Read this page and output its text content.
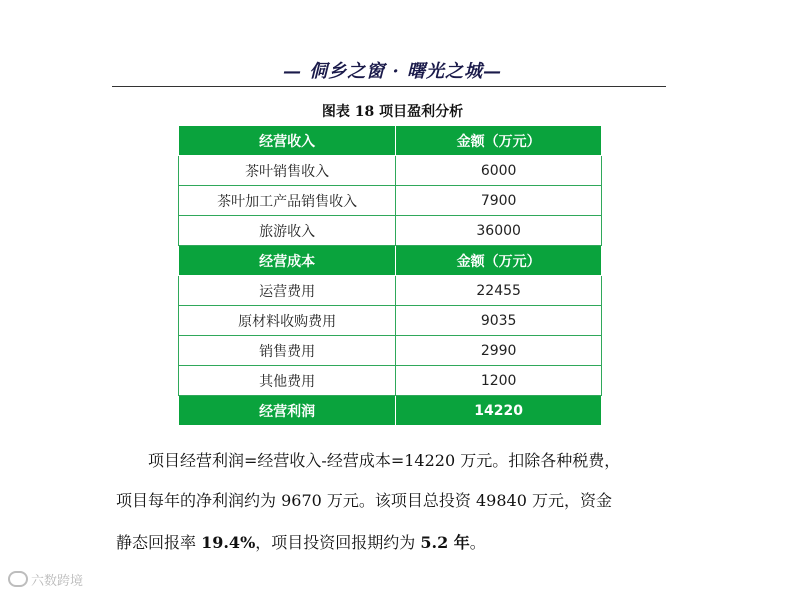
— 侗乡之窗 · 曙光之城—
图表 18 项目盈利分析
经营收入	金额（万元）
茶叶销售收入	6000
茶叶加工产品销售收入	7900
旅游收入	36000
经营成本	金额（万元）
运营费用	22455
原材料收购费用	9035
销售费用	2990
其他费用	1200
经营利润	14220
项目经营利润=经营收入-经营成本=14220 万元。扣除各种税费，
项目每年的净利润约为 9670 万元。该项目总投资 49840 万元，资金
静态回报率 19.4%，项目投资回报期约为 5.2 年。
六数跨境
